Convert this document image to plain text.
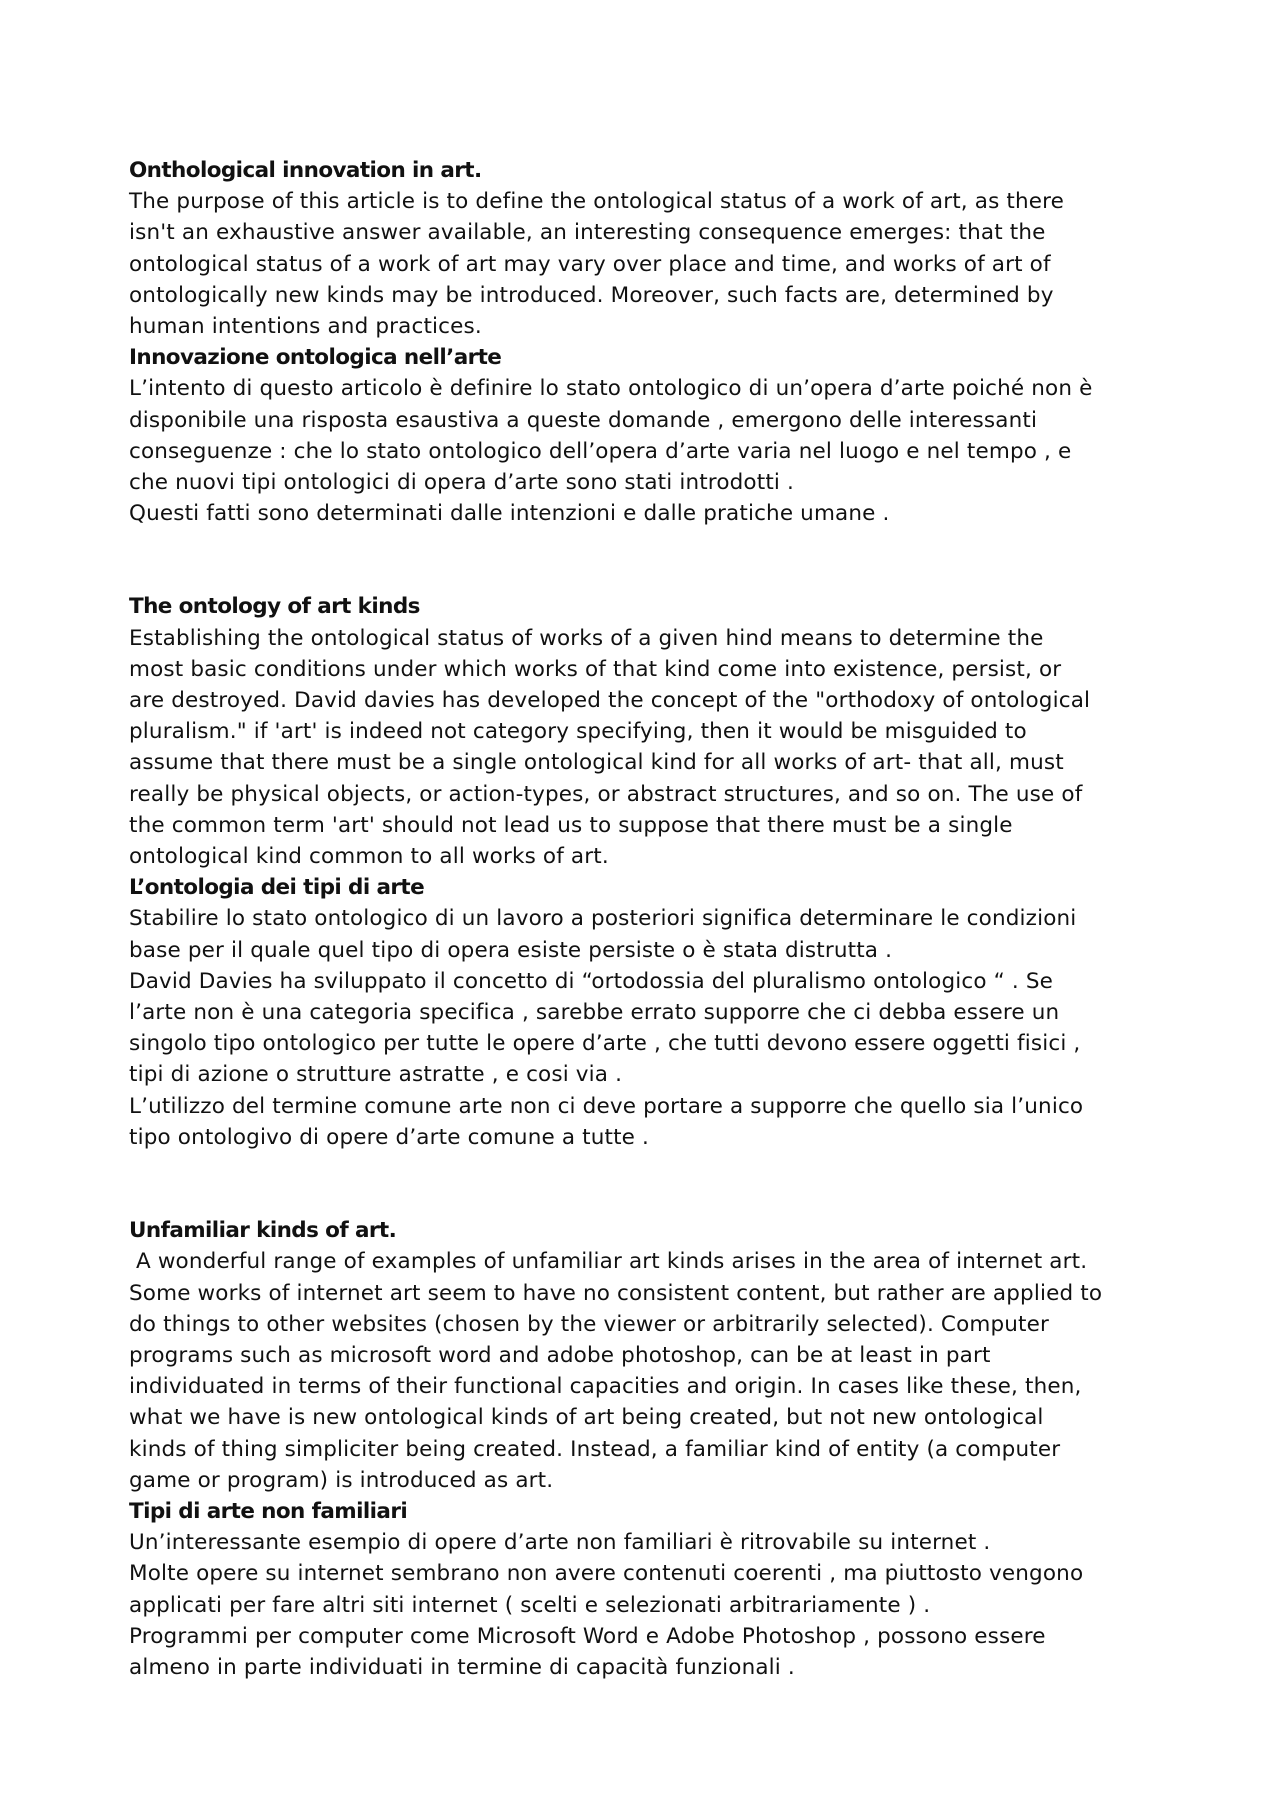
Onthological innovation in art.

The purpose of this article is to define the ontological status of a work of art, as there

isn't an exhaustive answer available, an interesting consequence emerges: that the

ontological status of a work of art may vary over place and time, and works of art of

ontologically new kinds may be introduced. Moreover, such facts are, determined by

human intentions and practices.

Innovazione ontologica nell’arte

L’intento di questo articolo è definire lo stato ontologico di un’opera d’arte poiché non è

disponibile una risposta esaustiva a queste domande , emergono delle interessanti

conseguenze : che lo stato ontologico dell’opera d’arte varia nel luogo e nel tempo , e

che nuovi tipi ontologici di opera d’arte sono stati introdotti .

Questi fatti sono determinati dalle intenzioni e dalle pratiche umane .

The ontology of art kinds

Establishing the ontological status of works of a given hind means to determine the

most basic conditions under which works of that kind come into existence, persist, or

are destroyed. David davies has developed the concept of the "orthodoxy of ontological

pluralism." if 'art' is indeed not category specifying, then it would be misguided to

assume that there must be a single ontological kind for all works of art- that all, must

really be physical objects, or action-types, or abstract structures, and so on. The use of

the common term 'art' should not lead us to suppose that there must be a single

ontological kind common to all works of art.

L’ontologia dei tipi di arte

Stabilire lo stato ontologico di un lavoro a posteriori significa determinare le condizioni

base per il quale quel tipo di opera esiste persiste o è stata distrutta .

David Davies ha sviluppato il concetto di “ortodossia del pluralismo ontologico “ . Se

l’arte non è una categoria specifica , sarebbe errato supporre che ci debba essere un

singolo tipo ontologico per tutte le opere d’arte , che tutti devono essere oggetti fisici ,

tipi di azione o strutture astratte , e cosi via .

L’utilizzo del termine comune arte non ci deve portare a supporre che quello sia l’unico

tipo ontologivo di opere d’arte comune a tutte .

Unfamiliar kinds of art.

A wonderful range of examples of unfamiliar art kinds arises in the area of internet art.

Some works of internet art seem to have no consistent content, but rather are applied to

do things to other websites (chosen by the viewer or arbitrarily selected). Computer

programs such as microsoft word and adobe photoshop, can be at least in part

individuated in terms of their functional capacities and origin. In cases like these, then,

what we have is new ontological kinds of art being created, but not new ontological

kinds of thing simpliciter being created. Instead, a familiar kind of entity (a computer

game or program) is introduced as art.

Tipi di arte non familiari

Un’interessante esempio di opere d’arte non familiari è ritrovabile su internet .

Molte opere su internet sembrano non avere contenuti coerenti , ma piuttosto vengono

applicati per fare altri siti internet ( scelti e selezionati arbitrariamente ) .

Programmi per computer come Microsoft Word e Adobe Photoshop , possono essere

almeno in parte individuati in termine di capacità funzionali .
